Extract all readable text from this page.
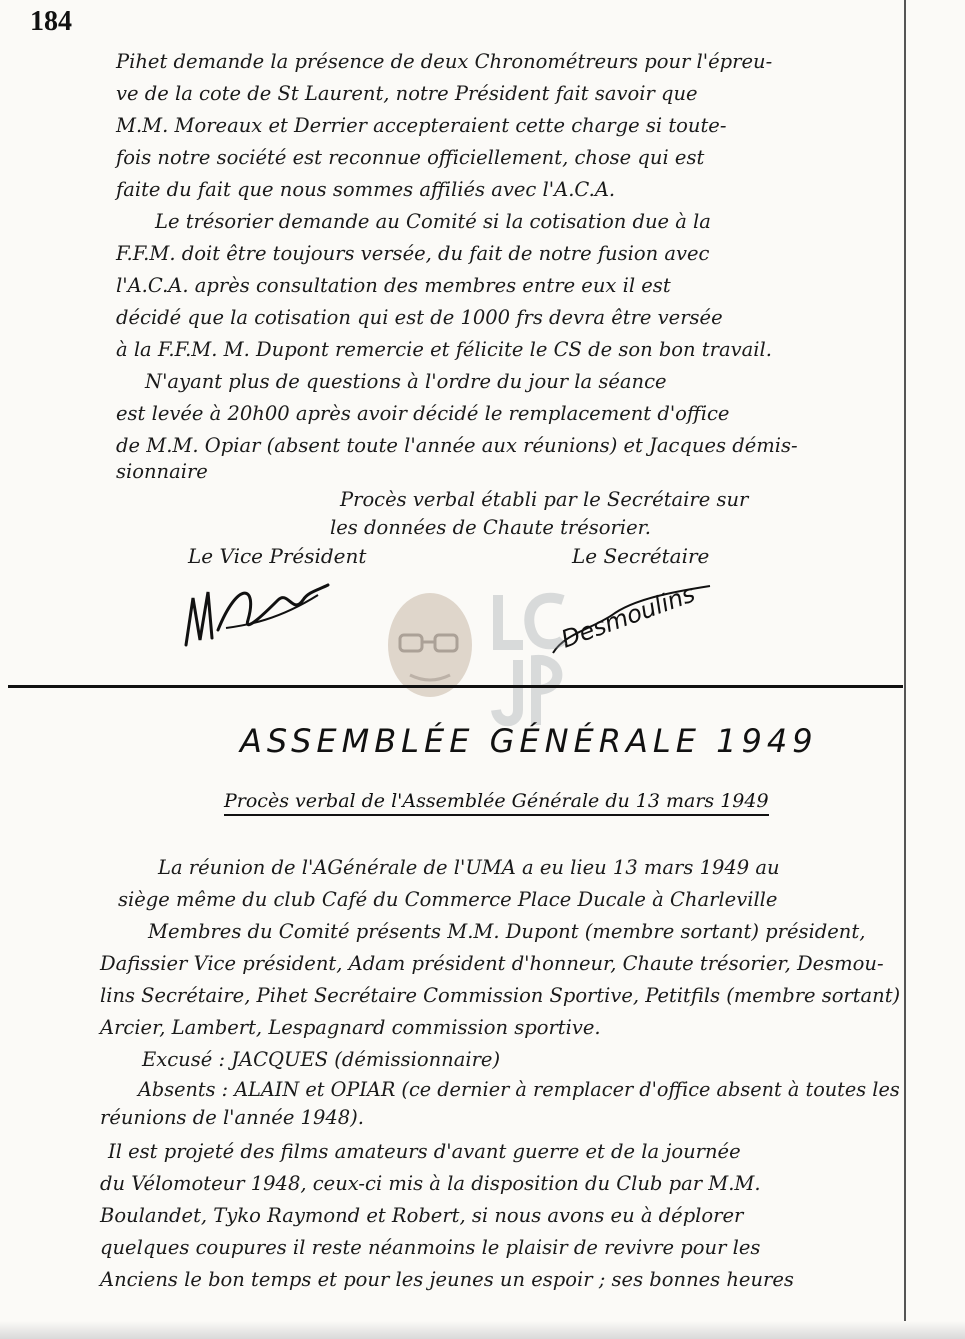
184
Pihet demande la présence de deux Chronométreurs pour l'épreu-
ve de la cote de St Laurent, notre Président fait savoir que
M.M. Moreaux et Derrier accepteraient cette charge si toute-
fois notre société est reconnue officiellement, chose qui est
faite du fait que nous sommes affiliés avec l'A.C.A.
Le trésorier demande au Comité si la cotisation due à la
F.F.M. doit être toujours versée, du fait de notre fusion avec
l'A.C.A. après consultation des membres entre eux il est
décidé que la cotisation qui est de 1000 frs devra être versée
à la F.F.M. M. Dupont remercie et félicite le CS de son bon travail.
N'ayant plus de questions à l'ordre du jour la séance
est levée à 20h00 après avoir décidé le remplacement d'office
de M.M. Opiar (absent toute l'année aux réunions) et Jacques démis-
sionnaire
Procès verbal établi par le Secrétaire sur
les données de Chaute trésorier.
Le Vice Président	Le Secrétaire
Desmoulins
ASSEMBLÉE GÉNÉRALE 1949
Procès verbal de l'Assemblée Générale du 13 mars 1949
La réunion de l'AGénérale de l'UMA a eu lieu 13 mars 1949 au
siège même du club Café du Commerce Place Ducale à Charleville
Membres du Comité présents M.M. Dupont (membre sortant) président,
Dafissier Vice président, Adam président d'honneur, Chaute trésorier, Desmou-
lins Secrétaire, Pihet Secrétaire Commission Sportive, Petitfils (membre sortant)
Arcier, Lambert, Lespagnard commission sportive.
Excusé : JACQUES (démissionnaire)
Absents : ALAIN et OPIAR (ce dernier à remplacer d'office absent à toutes les
réunions de l'année 1948).
Il est projeté des films amateurs d'avant guerre et de la journée
du Vélomoteur 1948, ceux-ci mis à la disposition du Club par M.M.
Boulandet, Tyko Raymond et Robert, si nous avons eu à déplorer
quelques coupures il reste néanmoins le plaisir de revivre pour les
Anciens le bon temps et pour les jeunes un espoir ; ses bonnes heures
